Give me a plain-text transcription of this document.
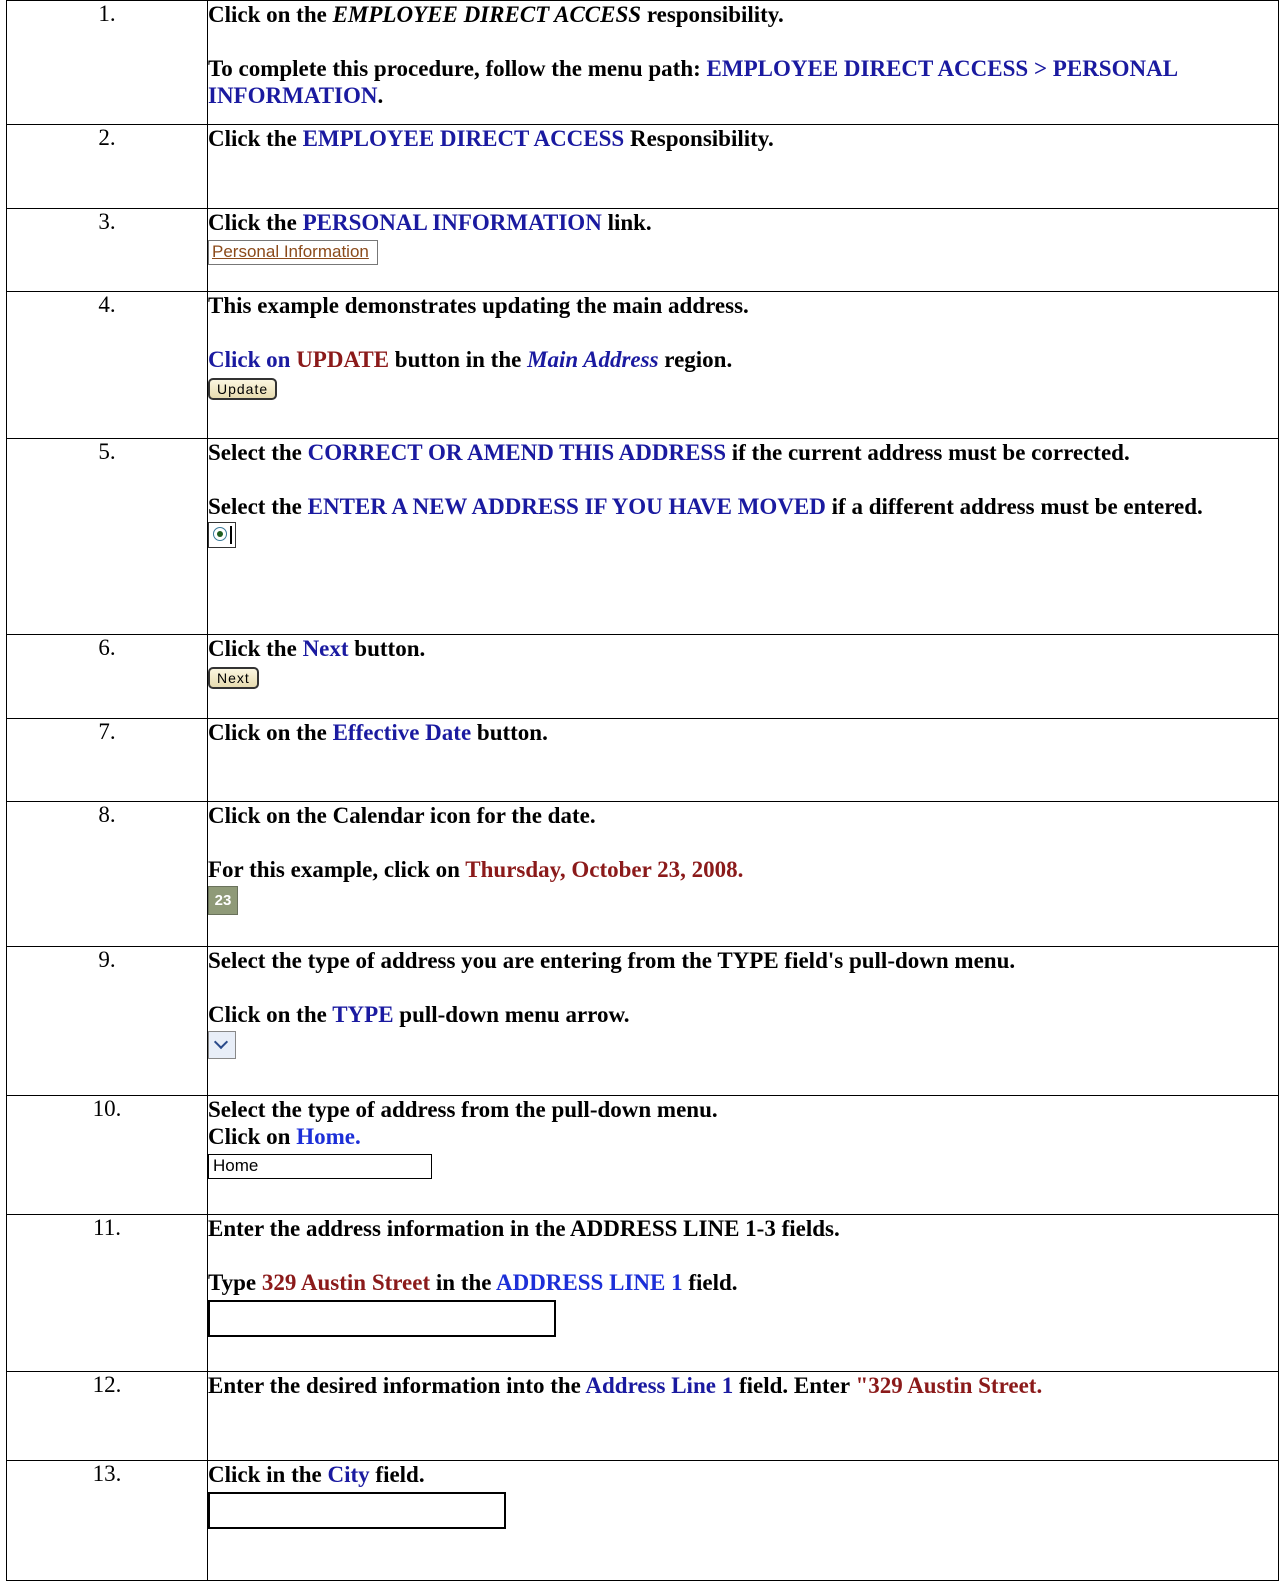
1.	Click on the EMPLOYEE DIRECT ACCESS responsibility.

To complete this procedure, follow the menu path: EMPLOYEE DIRECT ACCESS > PERSONAL INFORMATION.

2.	Click the EMPLOYEE DIRECT ACCESS Responsibility.

3.	Click the PERSONAL INFORMATION link.

Personal Information
4.	This example demonstrates updating the main address.

Click on UPDATE button in the Main Address region.

Update
5.	Select the CORRECT OR AMEND THIS ADDRESS if the current address must be corrected.

Select the ENTER A NEW ADDRESS IF YOU HAVE MOVED if a different address must be entered.

6.	Click the Next button.

Next
7.	Click on the Effective Date button.

8.	Click on the Calendar icon for the date.

For this example, click on Thursday, October 23, 2008.

23
9.	Select the type of address you are entering from the TYPE field's pull-down menu.

Click on the TYPE pull-down menu arrow.

10.	Select the type of address from the pull-down menu.

Click on Home.

Home

11.	Enter the address information in the ADDRESS LINE 1-3 fields.

Type 329 Austin Street in the ADDRESS LINE 1 field.

12.	Enter the desired information into the Address Line 1 field. Enter "329 Austin Street.

13.	Click in the City field.
